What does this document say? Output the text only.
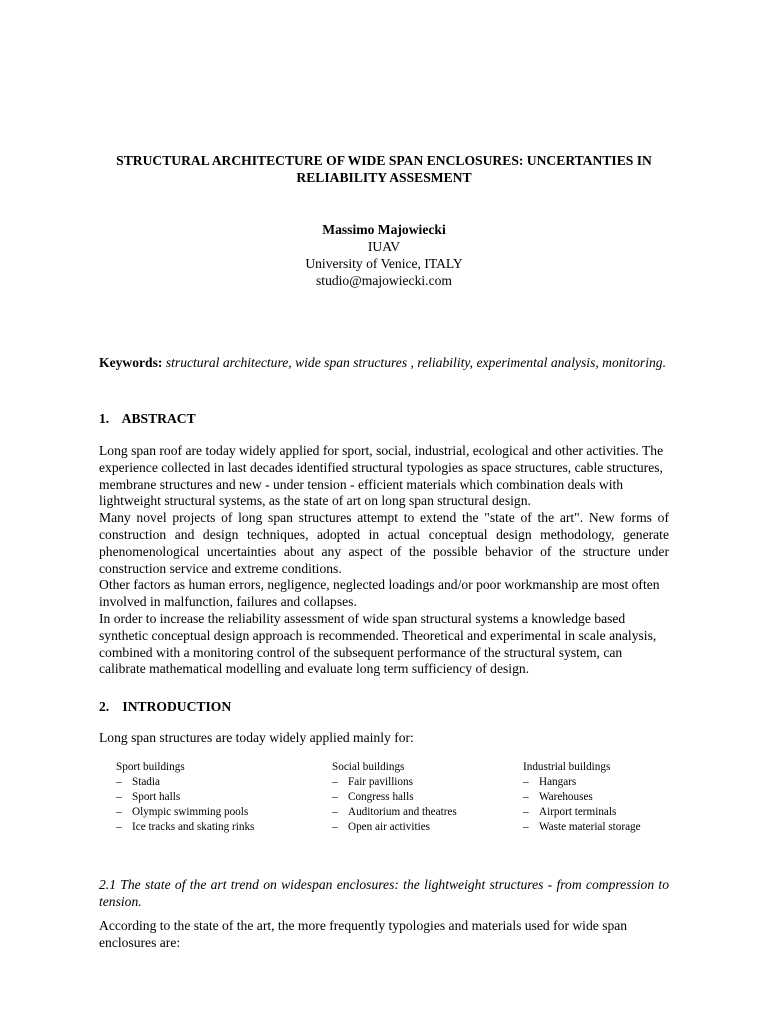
STRUCTURAL ARCHITECTURE OF WIDE SPAN ENCLOSURES: UNCERTANTIES IN RELIABILITY ASSESMENT
Massimo Majowiecki
IUAV
University of Venice, ITALY
studio@majowiecki.com
Keywords: structural architecture, wide span structures , reliability, experimental analysis, monitoring.
1. ABSTRACT

Long span roof are today widely applied for sport, social, industrial, ecological and other activities. The experience collected in last decades identified structural typologies as space structures, cable structures, membrane structures and new - under tension - efficient materials which combination deals with lightweight structural systems, as the state of art on long span structural design.

Many novel projects of long span structures attempt to extend the "state of the art". New forms of construction and design techniques, adopted in actual conceptual design methodology, generate phenomenological uncertainties about any aspect of the possible behavior of the structure under construction service and extreme conditions.

Other factors as human errors, negligence, neglected loadings and/or poor workmanship are most often involved in malfunction, failures and collapses.

In order to increase the reliability assessment of wide span structural systems a knowledge based synthetic conceptual design approach is recommended. Theoretical and experimental in scale analysis, combined with a monitoring control of the subsequent performance of the structural system, can calibrate mathematical modelling and evaluate long term sufficiency of design.

2. INTRODUCTION
Long span structures are today widely applied mainly for:
Sport buildings
– Stadia
– Sport halls
– Olympic swimming pools
– Ice tracks and skating rinks
Social buildings
– Fair pavillions
– Congress halls
– Auditorium and theatres
– Open air activities
Industrial buildings
– Hangars
– Warehouses
– Airport terminals
– Waste material storage
2.1 The state of the art trend on widespan enclosures: the lightweight structures - from compression to tension.
According to the state of the art, the more frequently typologies and materials used for wide span enclosures are:
